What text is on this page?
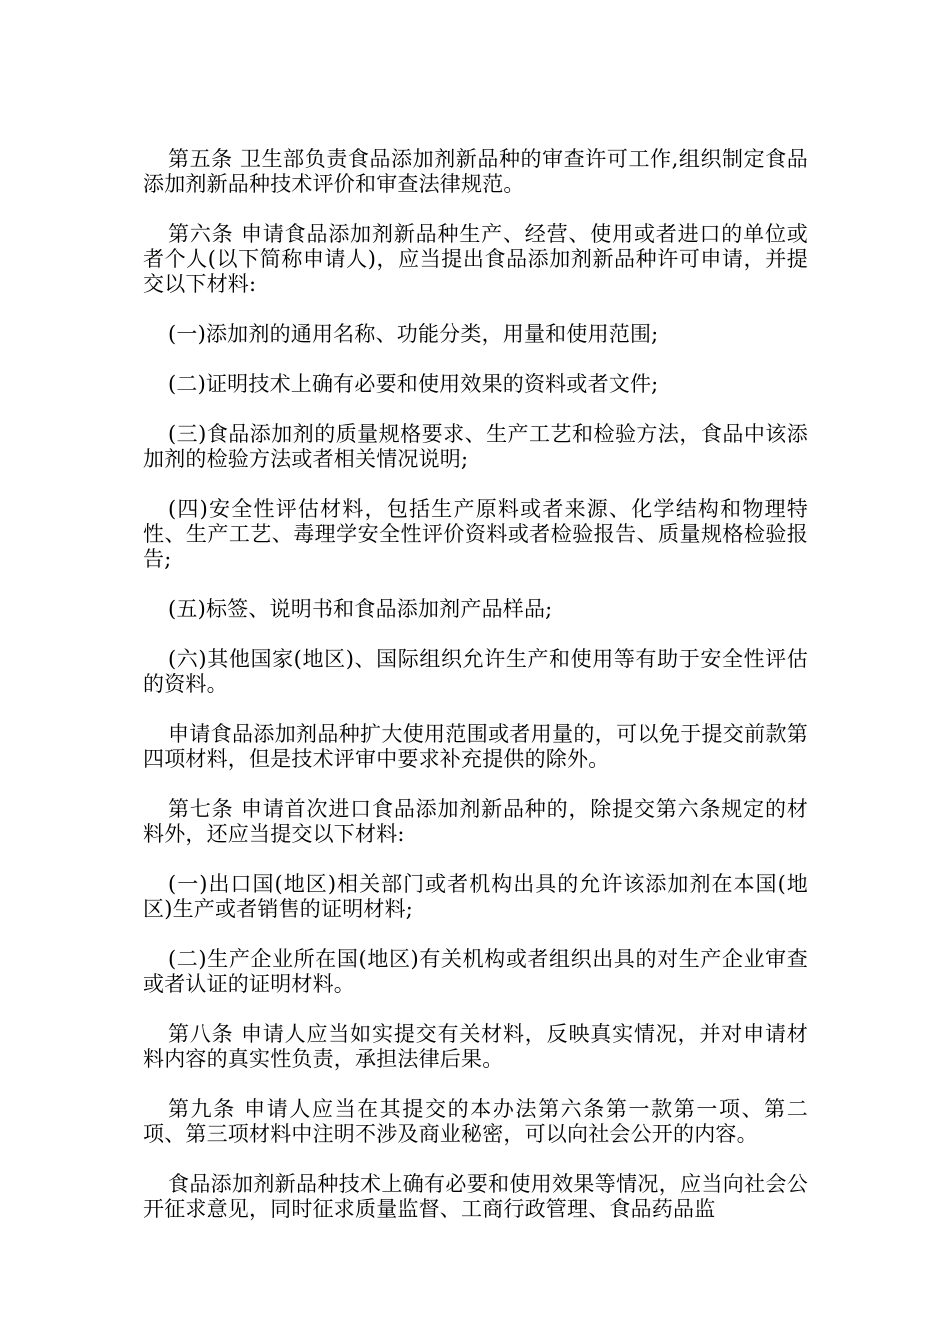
第五条 卫生部负责食品添加剂新品种的审查许可工作,组织制定食品添加剂新品种技术评价和审查法律规范。

第六条 申请食品添加剂新品种生产、经营、使用或者进口的单位或者个人(以下简称申请人)，应当提出食品添加剂新品种许可申请，并提交以下材料:

(一)添加剂的通用名称、功能分类，用量和使用范围;

(二)证明技术上确有必要和使用效果的资料或者文件;

(三)食品添加剂的质量规格要求、生产工艺和检验方法，食品中该添加剂的检验方法或者相关情况说明;

(四)安全性评估材料，包括生产原料或者来源、化学结构和物理特性、生产工艺、毒理学安全性评价资料或者检验报告、质量规格检验报告;

(五)标签、说明书和食品添加剂产品样品;

(六)其他国家(地区)、国际组织允许生产和使用等有助于安全性评估的资料。

申请食品添加剂品种扩大使用范围或者用量的，可以免于提交前款第四项材料，但是技术评审中要求补充提供的除外。

第七条 申请首次进口食品添加剂新品种的，除提交第六条规定的材料外，还应当提交以下材料:

(一)出口国(地区)相关部门或者机构出具的允许该添加剂在本国(地区)生产或者销售的证明材料;

(二)生产企业所在国(地区)有关机构或者组织出具的对生产企业审查或者认证的证明材料。

第八条 申请人应当如实提交有关材料，反映真实情况，并对申请材料内容的真实性负责，承担法律后果。

第九条 申请人应当在其提交的本办法第六条第一款第一项、第二项、第三项材料中注明不涉及商业秘密，可以向社会公开的内容。

食品添加剂新品种技术上确有必要和使用效果等情况，应当向社会公开征求意见，同时征求质量监督、工商行政管理、食品药品监
